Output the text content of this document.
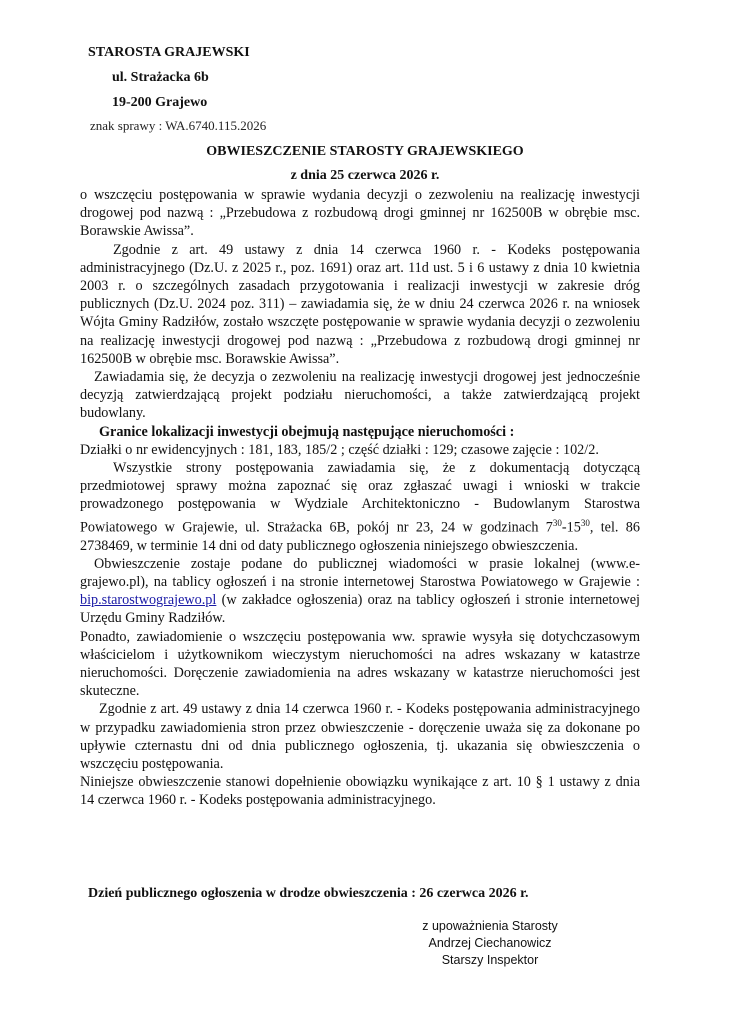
STAROSTA GRAJEWSKI
ul. Strażacka 6b
19-200 Grajewo
znak sprawy : WA.6740.115.2026
OBWIESZCZENIE STAROSTY GRAJEWSKIEGO
z dnia 25 czerwca 2026 r.

o wszczęciu postępowania w sprawie wydania decyzji o zezwoleniu na realizację inwestycji drogowej pod nazwą : „Przebudowa z rozbudową drogi gminnej nr 162500B w obrębie msc. Borawskie Awissa”.

Zgodnie z art. 49 ustawy z dnia 14 czerwca 1960 r. - Kodeks postępowania administracyjnego (Dz.U. z 2025 r., poz. 1691) oraz art. 11d ust. 5 i 6 ustawy z dnia 10 kwietnia 2003 r. o szczególnych zasadach przygotowania i realizacji inwestycji w zakresie dróg publicznych (Dz.U. 2024 poz. 311) – zawiadamia się, że w dniu 24 czerwca 2026 r. na wniosek Wójta Gminy Radziłów, zostało wszczęte postępowanie w sprawie wydania decyzji o zezwoleniu na realizację inwestycji drogowej pod nazwą : „Przebudowa z rozbudową drogi gminnej nr 162500B w obrębie msc. Borawskie Awissa”.

Zawiadamia się, że decyzja o zezwoleniu na realizację inwestycji drogowej jest jednocześnie decyzją zatwierdzającą projekt podziału nieruchomości, a także zatwierdzającą projekt budowlany.

Granice lokalizacji inwestycji obejmują następujące nieruchomości :

Działki o nr ewidencyjnych : 181, 183, 185/2 ; część działki : 129; czasowe zajęcie : 102/2.

Wszystkie strony postępowania zawiadamia się, że z dokumentacją dotyczącą przedmiotowej sprawy można zapoznać się oraz zgłaszać uwagi i wnioski w trakcie prowadzonego postępowania w Wydziale Architektoniczno - Budowlanym Starostwa Powiatowego w Grajewie, ul. Strażacka 6B, pokój nr 23, 24 w godzinach $7^{30}-15^{30}$, tel. 86 2738469, w terminie 14 dni od daty publicznego ogłoszenia niniejszego obwieszczenia.

Obwieszczenie zostaje podane do publicznej wiadomości w prasie lokalnej (www.e-grajewo.pl), na tablicy ogłoszeń i na stronie internetowej Starostwa Powiatowego w Grajewie : bip.starostwograjewo.pl (w zakładce ogłoszenia) oraz na tablicy ogłoszeń i stronie internetowej Urzędu Gminy Radziłów.

Ponadto, zawiadomienie o wszczęciu postępowania ww. sprawie wysyła się dotychczasowym właścicielom i użytkownikom wieczystym nieruchomości na adres wskazany w katastrze nieruchomości. Doręczenie zawiadomienia na adres wskazany w katastrze nieruchomości jest skuteczne.

Zgodnie z art. 49 ustawy z dnia 14 czerwca 1960 r. - Kodeks postępowania administracyjnego w przypadku zawiadomienia stron przez obwieszczenie - doręczenie uważa się za dokonane po upływie czternastu dni od dnia publicznego ogłoszenia, tj. ukazania się obwieszczenia o wszczęciu postępowania.

Niniejsze obwieszczenie stanowi dopełnienie obowiązku wynikające z art. 10 § 1 ustawy z dnia 14 czerwca 1960 r. - Kodeks postępowania administracyjnego.

Dzień publicznego ogłoszenia w drodze obwieszczenia : 26 czerwca 2026 r.
z upoważnienia Starosty
Andrzej Ciechanowicz
Starszy Inspektor
